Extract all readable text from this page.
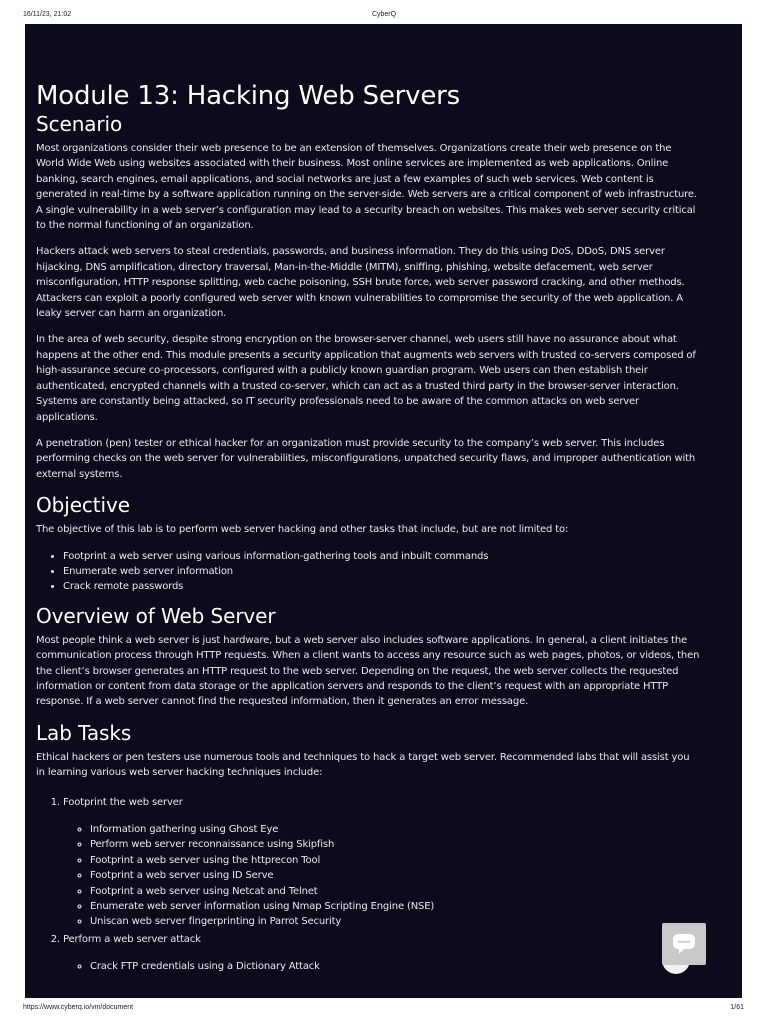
16/11/23, 21:02	CyberQ
Module 13: Hacking Web Servers
Scenario

Most organizations consider their web presence to be an extension of themselves. Organizations create their web presence on the World Wide Web using websites associated with their business. Most online services are implemented as web applications. Online banking, search engines, email applications, and social networks are just a few examples of such web services. Web content is generated in real-time by a software application running on the server-side. Web servers are a critical component of web infrastructure. A single vulnerability in a web server’s configuration may lead to a security breach on websites. This makes web server security critical to the normal functioning of an organization.

Hackers attack web servers to steal credentials, passwords, and business information. They do this using DoS, DDoS, DNS server hijacking, DNS amplification, directory traversal, Man-in-the-Middle (MITM), sniffing, phishing, website defacement, web server misconfiguration, HTTP response splitting, web cache poisoning, SSH brute force, web server password cracking, and other methods. Attackers can exploit a poorly configured web server with known vulnerabilities to compromise the security of the web application. A leaky server can harm an organization.

In the area of web security, despite strong encryption on the browser-server channel, web users still have no assurance about what happens at the other end. This module presents a security application that augments web servers with trusted co-servers composed of high-assurance secure co-processors, configured with a publicly known guardian program. Web users can then establish their authenticated, encrypted channels with a trusted co-server, which can act as a trusted third party in the browser-server interaction. Systems are constantly being attacked, so IT security professionals need to be aware of the common attacks on web server applications.

A penetration (pen) tester or ethical hacker for an organization must provide security to the company’s web server. This includes performing checks on the web server for vulnerabilities, misconfigurations, unpatched security flaws, and improper authentication with external systems.

Objective

The objective of this lab is to perform web server hacking and other tasks that include, but are not limited to:

• Footprint a web server using various information-gathering tools and inbuilt commands
• Enumerate web server information
• Crack remote passwords
Overview of Web Server

Most people think a web server is just hardware, but a web server also includes software applications. In general, a client initiates the communication process through HTTP requests. When a client wants to access any resource such as web pages, photos, or videos, then the client’s browser generates an HTTP request to the web server. Depending on the request, the web server collects the requested information or content from data storage or the application servers and responds to the client’s request with an appropriate HTTP response. If a web server cannot find the requested information, then it generates an error message.

Lab Tasks

Ethical hackers or pen testers use numerous tools and techniques to hack a target web server. Recommended labs that will assist you in learning various web server hacking techniques include:

1. Footprint the web server
◦ Information gathering using Ghost Eye
◦ Perform web server reconnaissance using Skipfish
◦ Footprint a web server using the httprecon Tool
◦ Footprint a web server using ID Serve
◦ Footprint a web server using Netcat and Telnet
◦ Enumerate web server information using Nmap Scripting Engine (NSE)
◦ Uniscan web server fingerprinting in Parrot Security
2. Perform a web server attack
◦ Crack FTP credentials using a Dictionary Attack
https://www.cyberq.io/vm/document	1/61
